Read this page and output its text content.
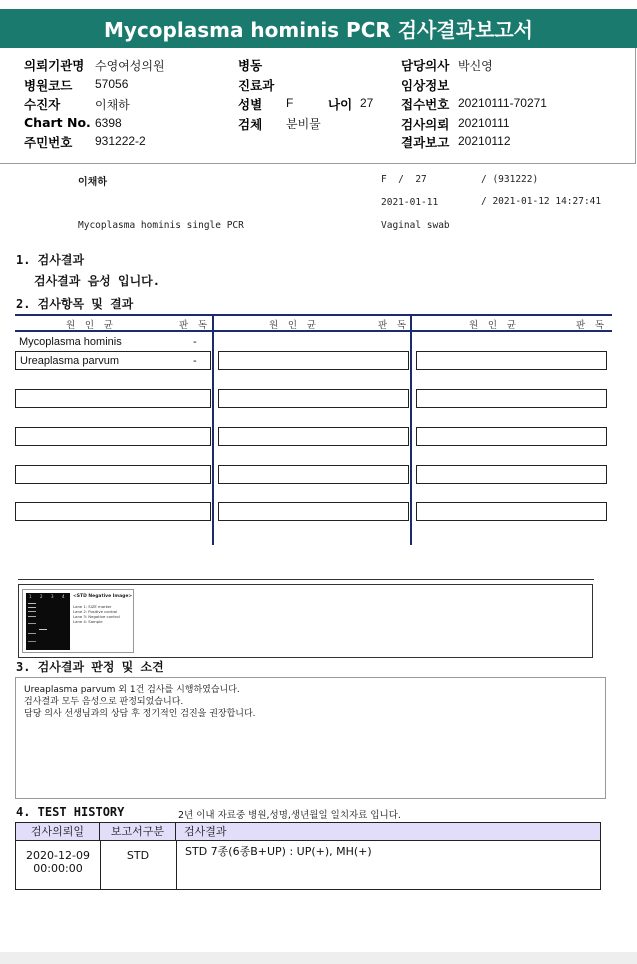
Mycoplasma hominis PCR 검사결과보고서
의뢰기관명 수영여성의원
병원코드 57056
수진자	이채하
Chart No. 6398
주민번호 931222-2
병동
진료과
성별 F	나이 27
검체 분비물
담당의사 박신영
임상정보
접수번호 20210111-70271
검사의뢰 20210111
결과보고 20210112
이채하	F  /  27	/ (931222)
2021-01-11	/ 2021-01-12 14:27:41
Mycoplasma hominis single PCR	Vaginal swab
1. 검사결과
검사결과 음성 입니다.
2. 검사항목 및 결과
원 인 균	판 독	원 인 균	판 독	원 인 균	판 독
Mycoplasma hominis	-
Ureaplasma parvum	-
1 2 3 4 <STD Negative Image>
Lane 1: SIZE marker
Lane 2: Positive control
Lane 3: Negative control
Lane 4: Sample
3. 검사결과 판정 및 소견
Ureaplasma parvum 외 1건 검사를 시행하였습니다.
검사결과 모두 음성으로 판정되었습니다.
담당 의사 선생님과의 상담 후 정기적인 검진을 권장합니다.
4. TEST HISTORY	2년 이내 자료중 병원,성명,생년월일 일치자료 입니다.
검사의뢰일	보고서구분	검사결과
2020-12-09
00:00:00
STD	STD 7종(6종B+UP) : UP(+), MH(+)
